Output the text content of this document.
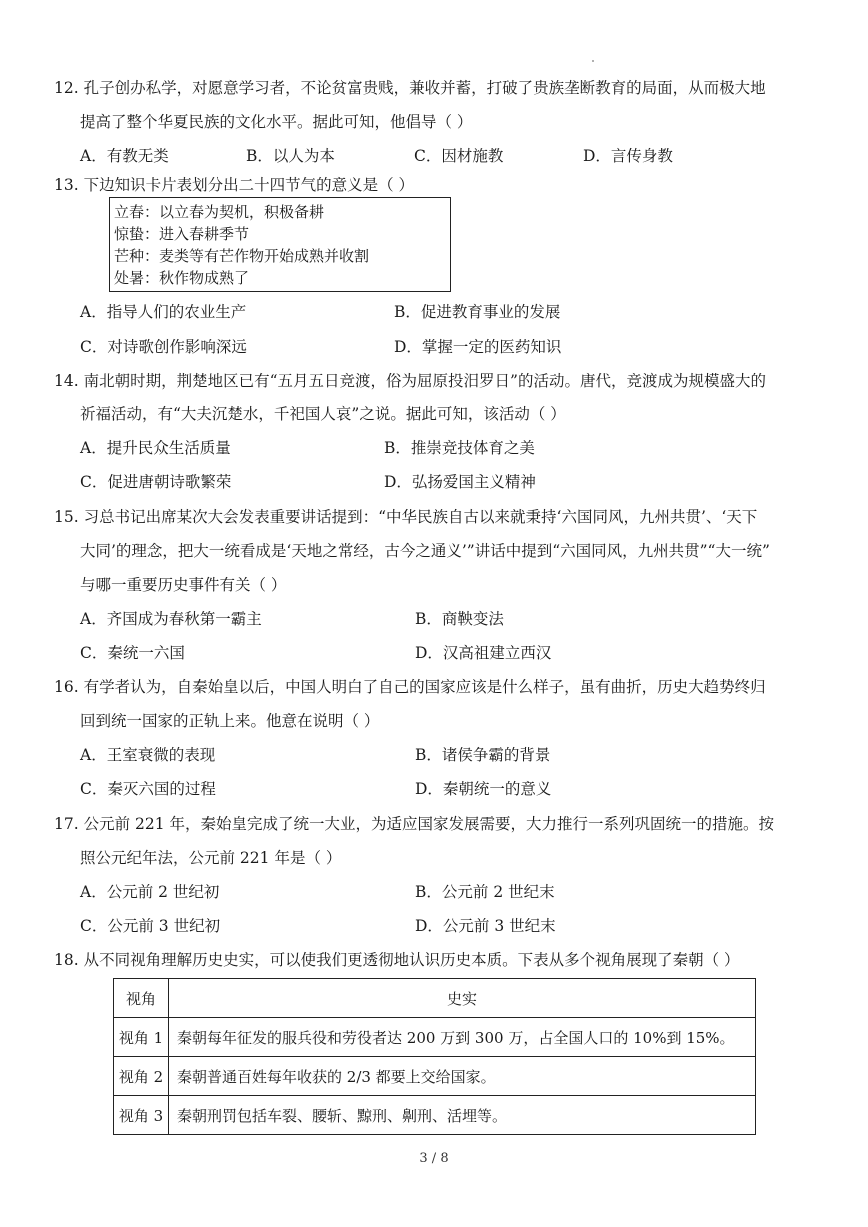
12. 孔子创办私学，对愿意学习者，不论贫富贵贱，兼收并蓄，打破了贵族垄断教育的局面，从而极大地
提高了整个华夏民族的文化水平。据此可知，他倡导（ ）
A．有教无类	B．以人为本	C．因材施教	D．言传身教
13. 下边知识卡片表划分出二十四节气的意义是（ ）
立春：以立春为契机，积极备耕
惊蛰：进入春耕季节
芒种：麦类等有芒作物开始成熟并收割
处暑：秋作物成熟了
A．指导人们的农业生产	B．促进教育事业的发展
C．对诗歌创作影响深远	D．掌握一定的医药知识
14. 南北朝时期，荆楚地区已有“五月五日竞渡，俗为屈原投汨罗日”的活动。唐代，竞渡成为规模盛大的
祈福活动，有“大夫沉楚水，千祀国人哀”之说。据此可知，该活动（ ）
A．提升民众生活质量	B．推崇竞技体育之美
C．促进唐朝诗歌繁荣	D．弘扬爱国主义精神
15. 习总书记出席某次大会发表重要讲话提到：“中华民族自古以来就秉持‘六国同风，九州共贯’、‘天下
大同’的理念，把大一统看成是‘天地之常经，古今之通义’”讲话中提到“六国同风，九州共贯”“大一统”
与哪一重要历史事件有关（ ）
A．齐国成为春秋第一霸主	B．商鞅变法
C．秦统一六国	D．汉高祖建立西汉
16. 有学者认为，自秦始皇以后，中国人明白了自己的国家应该是什么样子，虽有曲折，历史大趋势终归
回到统一国家的正轨上来。他意在说明（ ）
A．王室衰微的表现	B．诸侯争霸的背景
C．秦灭六国的过程	D．秦朝统一的意义
17. 公元前 221 年，秦始皇完成了统一大业，为适应国家发展需要，大力推行一系列巩固统一的措施。按
照公元纪年法，公元前 221 年是（ ）
A．公元前 2 世纪初	B．公元前 2 世纪末
C．公元前 3 世纪初	D．公元前 3 世纪末
18. 从不同视角理解历史史实，可以使我们更透彻地认识历史本质。下表从多个视角展现了秦朝（ ）
视角	史实
视角 1	秦朝每年征发的服兵役和劳役者达 200 万到 300 万，占全国人口的 10%到 15%。
视角 2	秦朝普通百姓每年收获的 2/3 都要上交给国家。
视角 3	秦朝刑罚包括车裂、腰斩、黥刑、劓刑、活埋等。
3 / 8
